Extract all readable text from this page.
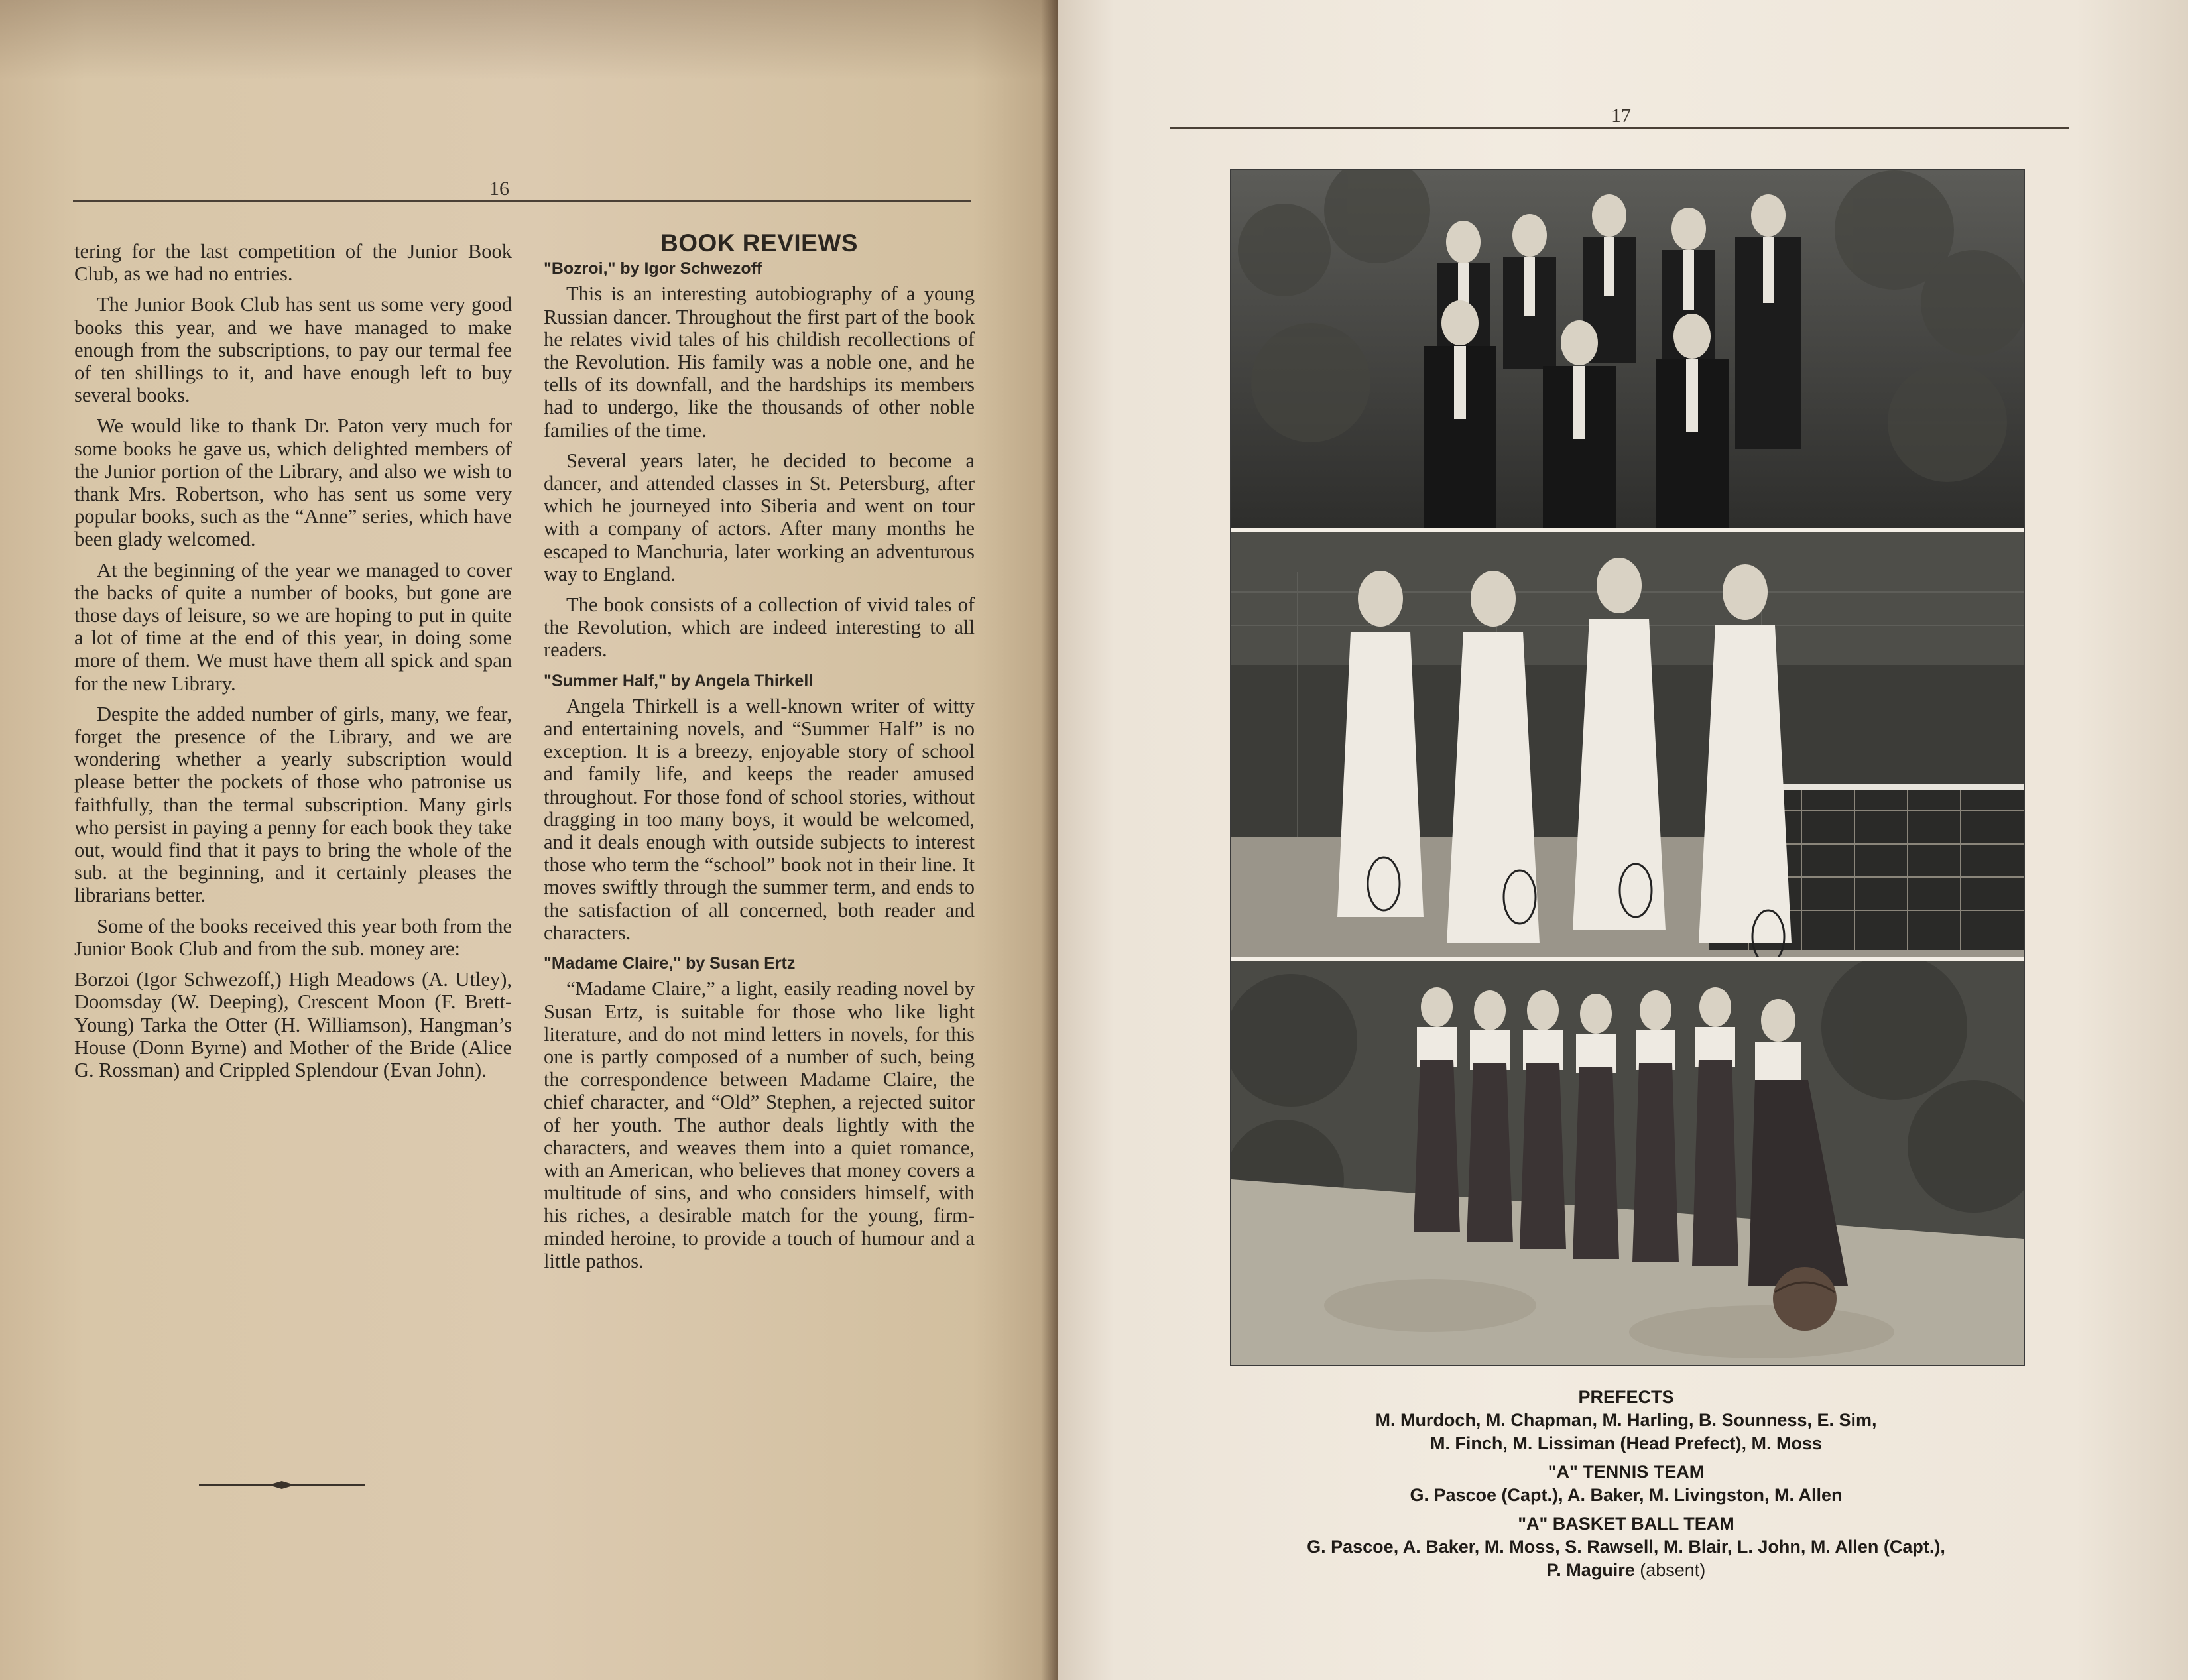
16

tering for the last competition of the Junior Book Club, as we had no entries.

The Junior Book Club has sent us some very good books this year, and we have managed to make enough from the subscriptions, to pay our termal fee of ten shillings to it, and have enough left to buy several books.

We would like to thank Dr. Paton very much for some books he gave us, which delighted members of the Junior portion of the Library, and also we wish to thank Mrs. Robertson, who has sent us some very popular books, such as the “Anne” series, which have been glady welcomed.

At the beginning of the year we managed to cover the backs of quite a number of books, but gone are those days of leisure, so we are hoping to put in quite a lot of time at the end of this year, in doing some more of them. We must have them all spick and span for the new Library.

Despite the added number of girls, many, we fear, forget the presence of the Library, and we are wondering whether a yearly subscription would please better the pockets of those who patronise us faithfully, than the termal subscription. Many girls who persist in paying a penny for each book they take out, would find that it pays to bring the whole of the sub. at the beginning, and it certainly pleases the librarians better.

Some of the books received this year both from the Junior Book Club and from the sub. money are:

Borzoi (Igor Schwezoff,) High Meadows (A. Utley), Doomsday (W. Deeping), Crescent Moon (F. Brett-Young) Tarka the Otter (H. Williamson), Hangman’s House (Donn Byrne) and Mother of the Bride (Alice G. Rossman) and Crippled Splendour (Evan John).

BOOK REVIEWS
"Bozroi," by Igor Schwezoff

This is an interesting autobiography of a young Russian dancer. Throughout the first part of the book he relates vivid tales of his childish recollections of the Revolution. His family was a noble one, and he tells of its downfall, and the hardships its members had to undergo, like the thousands of other noble families of the time.

Several years later, he decided to become a dancer, and attended classes in St. Petersburg, after which he journeyed into Siberia and went on tour with a company of actors. After many months he escaped to Manchuria, later working an adventurous way to England.

The book consists of a collection of vivid tales of the Revolution, which are indeed interesting to all readers.

"Summer Half," by Angela Thirkell

Angela Thirkell is a well-known writer of witty and entertaining novels, and “Summer Half” is no exception. It is a breezy, enjoyable story of school and family life, and keeps the reader amused throughout. For those fond of school stories, without dragging in too many boys, it would be welcomed, and it deals enough with outside subjects to interest those who term the “school” book not in their line. It moves swiftly through the summer term, and ends to the satisfaction of all concerned, both reader and characters.

"Madame Claire," by Susan Ertz

“Madame Claire,” a light, easily reading novel by Susan Ertz, is suitable for those who like light literature, and do not mind letters in novels, for this one is partly composed of a number of such, being the correspondence between Madame Claire, the chief character, and “Old” Stephen, a rejected suitor of her youth. The author deals lightly with the characters, and weaves them into a quiet romance, with an American, who believes that money covers a multitude of sins, and who considers himself, with his riches, a desirable match for the young, firm-minded heroine, to provide a touch of humour and a little pathos.

17
PREFECTS
M. Murdoch, M. Chapman, M. Harling, B. Sounness, E. Sim,
M. Finch, M. Lissiman (Head Prefect), M. Moss
"A" TENNIS TEAM
G. Pascoe (Capt.), A. Baker, M. Livingston, M. Allen
"A" BASKET BALL TEAM
G. Pascoe, A. Baker, M. Moss, S. Rawsell, M. Blair, L. John, M. Allen (Capt.),
P. Maguire (absent)
